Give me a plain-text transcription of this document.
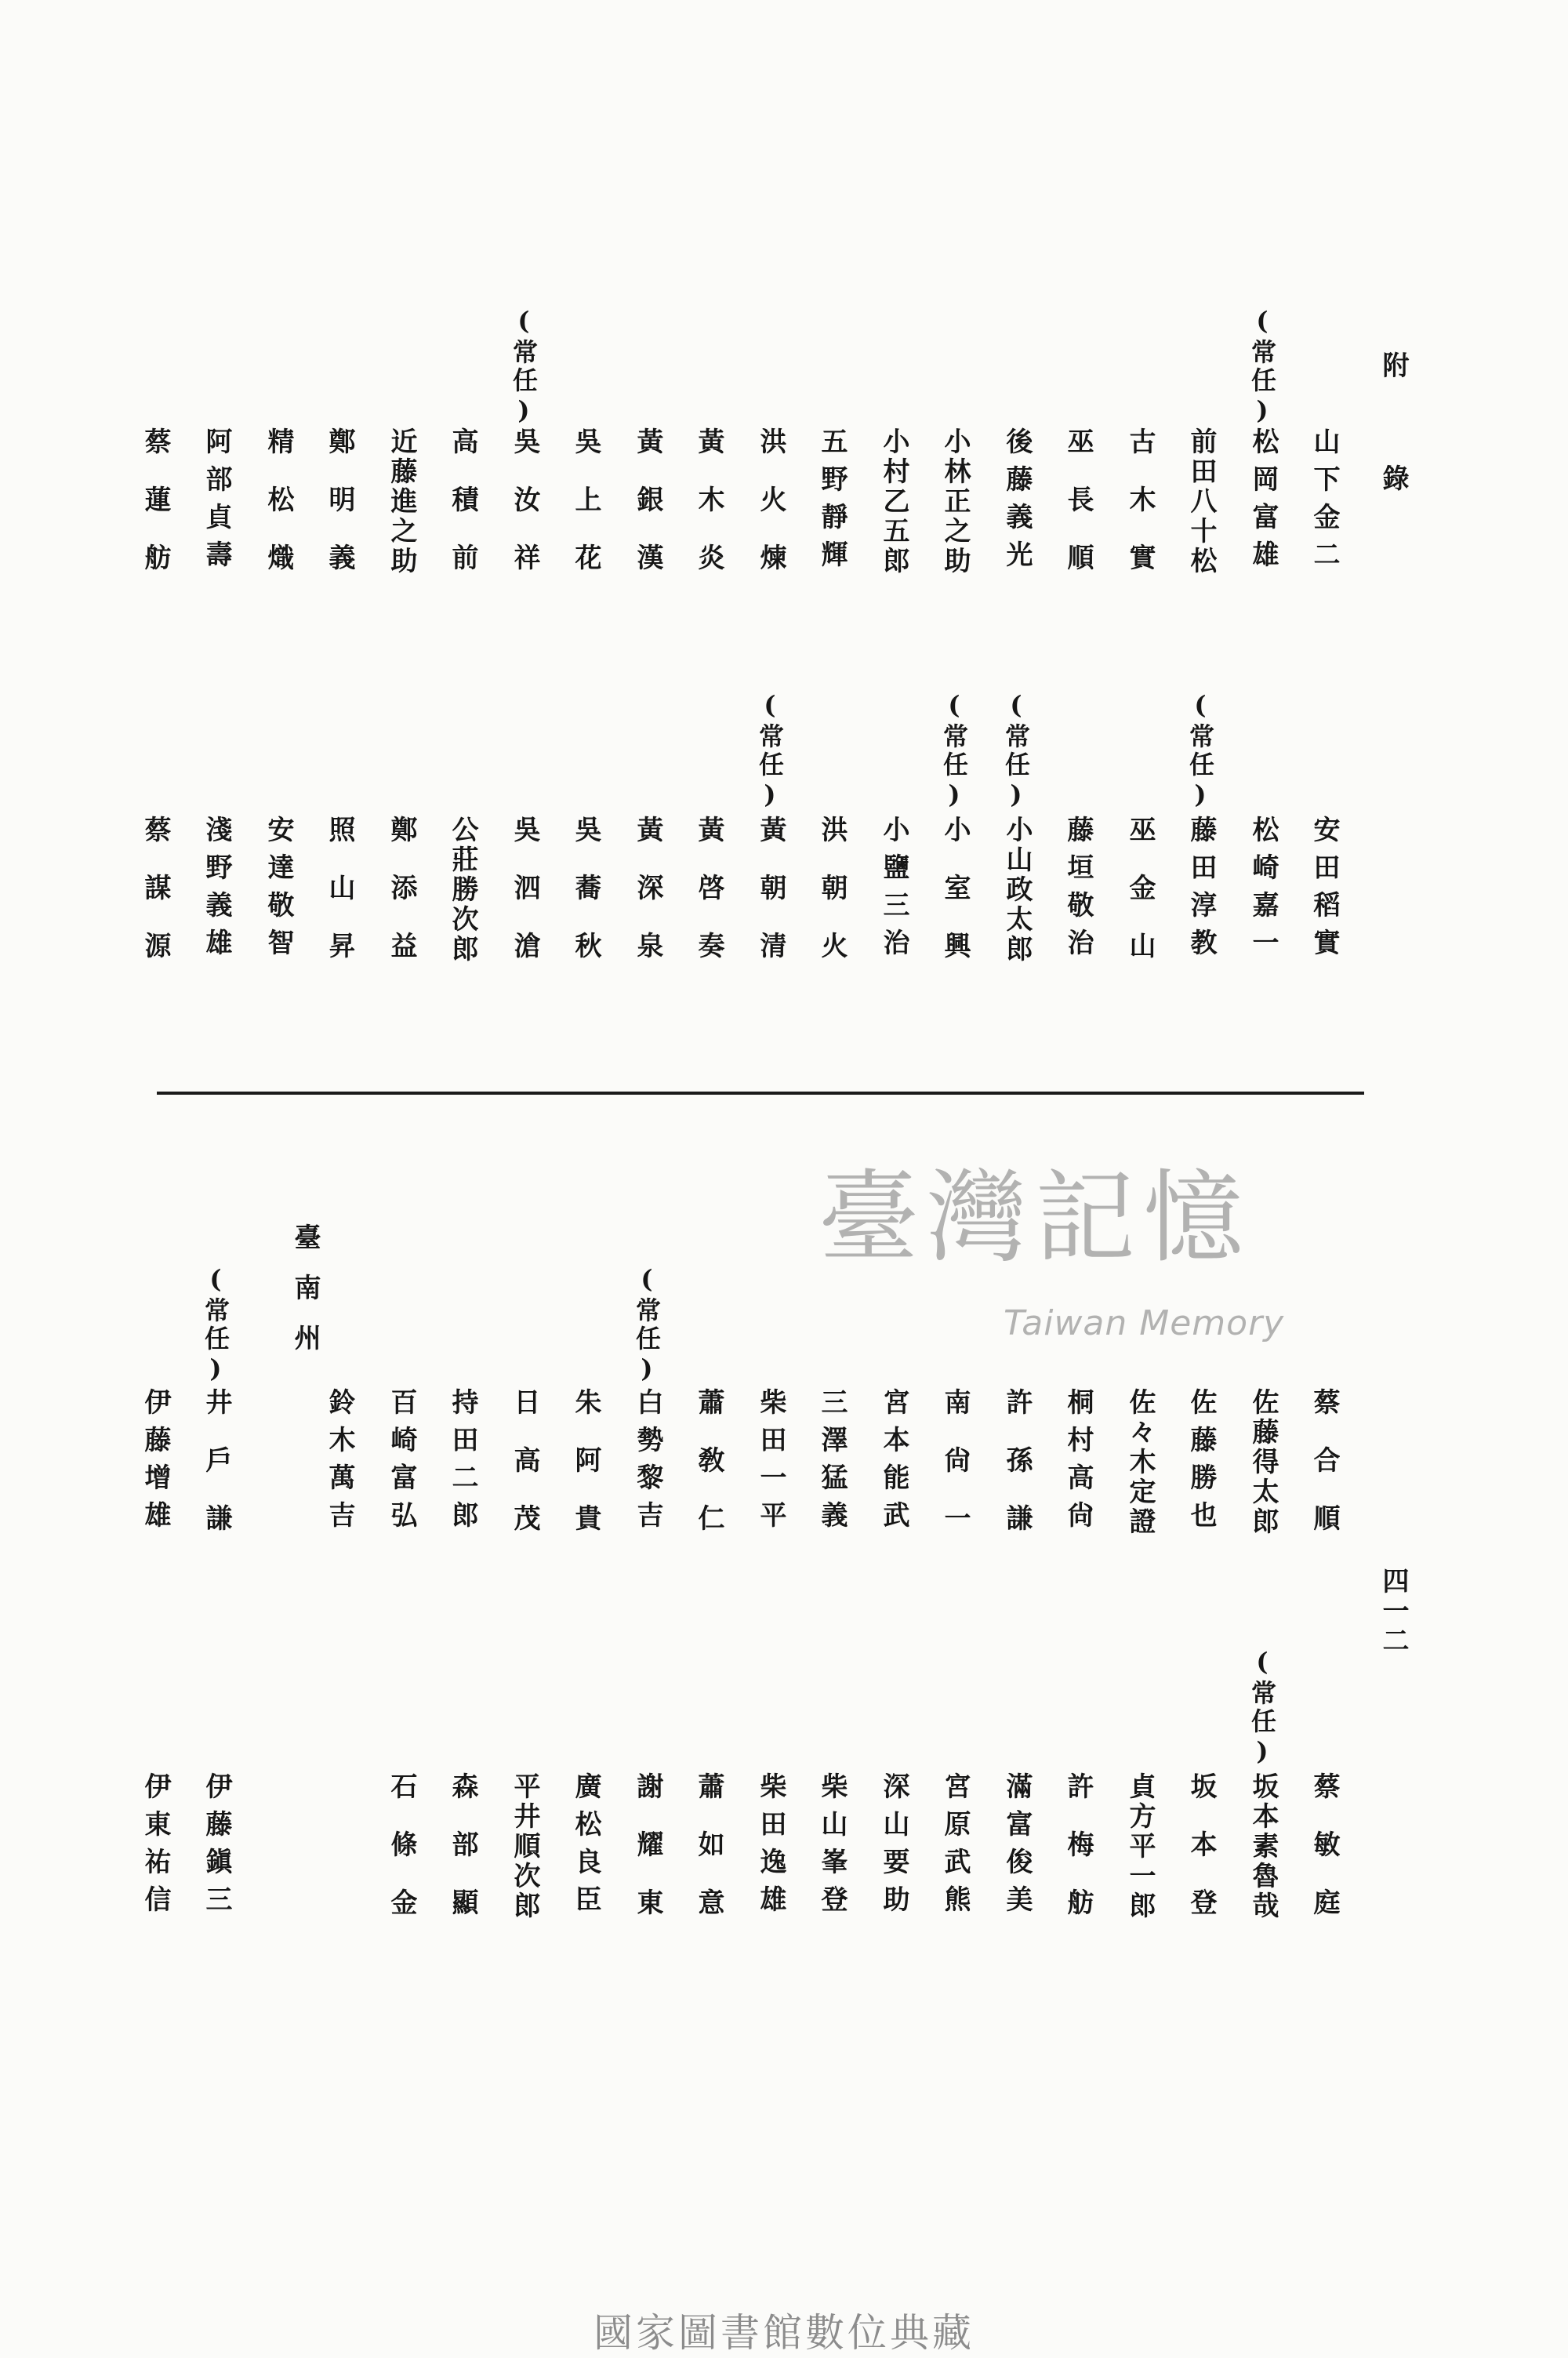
附錄
四一二
山下金二
(常任)
松岡富雄
前田八十松
古木實
巫長順
後藤義光
小林正之助
小村乙五郎
五野靜輝
洪火煉
黃木炎
黃銀漢
吳上花
(常任)
吳汝祥
高積前
近藤進之助
鄭明義
精松熾
阿部貞壽
蔡蓮舫
安田稻實
松崎嘉一
(常任)
藤田淳教
巫金山
藤垣敬治
(常任)
小山政太郎
(常任)
小室興
小鹽三治
洪朝火
(常任)
黃朝清
黃啓奏
黃深泉
吳蕎秋
吳泗滄
公莊勝次郎
鄭添益
照山昇
安達敬智
淺野義雄
蔡謀源
蔡合順
佐藤得太郎
佐藤勝也
佐々木定證
桐村高尙
許孫謙
南尙一
宮本能武
三澤猛義
柴田一平
蕭敎仁
(常任)
白勢黎吉
朱阿貴
日高茂
持田二郎
百崎富弘
鈴木萬吉
(常任)
井戶謙
伊藤增雄
蔡敏庭
(常任)
坂本素魯哉
坂本登
貞方平一郎
許梅舫
滿富俊美
宮原武熊
深山要助
柴山峯登
柴田逸雄
蕭如意
謝耀東
廣松良臣
平井順次郎
森部顯
石條金
伊藤鎭三
伊東祐信
臺南州
臺灣記憶
Taiwan Memory
國家圖書館數位典藏
